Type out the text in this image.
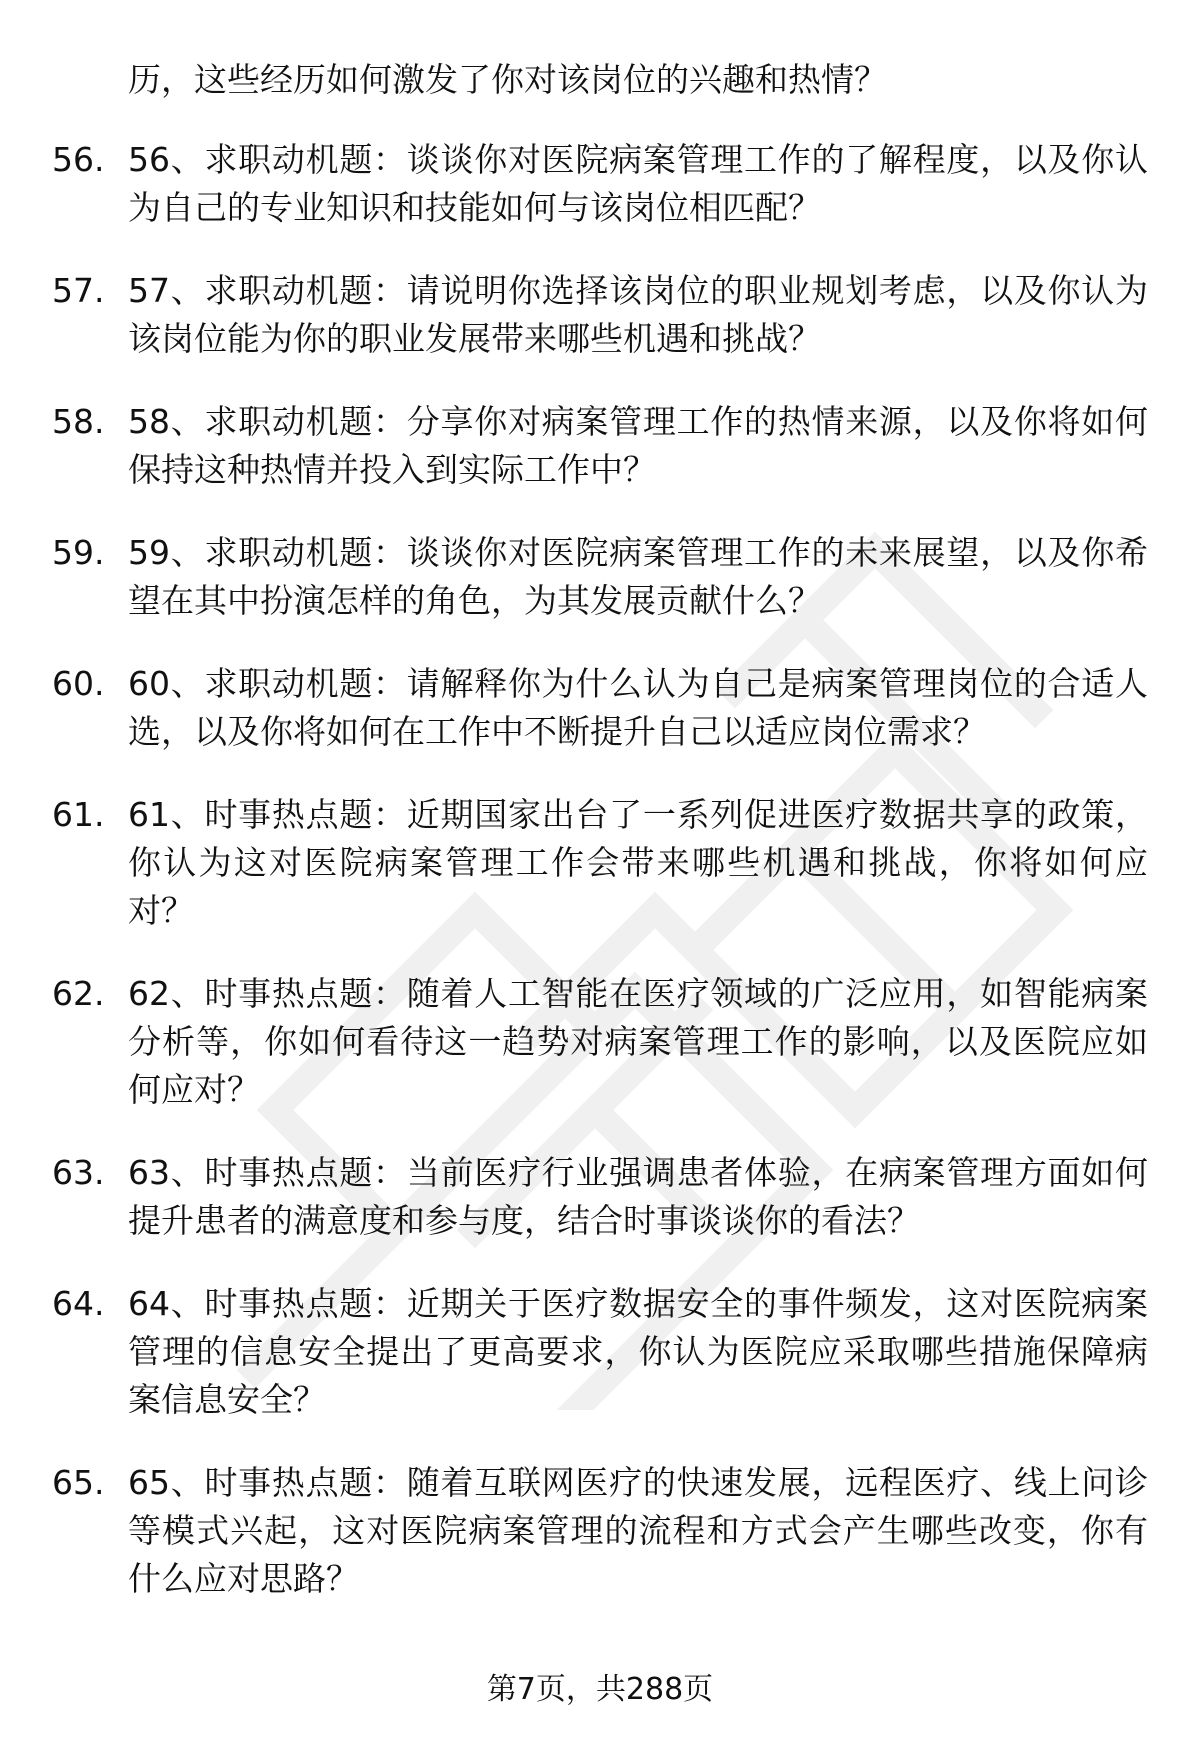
历，这些经历如何激发了你对该岗位的兴趣和热情？
56. 56、求职动机题：谈谈你对医院病案管理工作的了解程度，以及你认为自己的专业知识和技能如何与该岗位相匹配？
57. 57、求职动机题：请说明你选择该岗位的职业规划考虑，以及你认为该岗位能为你的职业发展带来哪些机遇和挑战？
58. 58、求职动机题：分享你对病案管理工作的热情来源，以及你将如何保持这种热情并投入到实际工作中？
59. 59、求职动机题：谈谈你对医院病案管理工作的未来展望，以及你希望在其中扮演怎样的角色，为其发展贡献什么？
60. 60、求职动机题：请解释你为什么认为自己是病案管理岗位的合适人选，以及你将如何在工作中不断提升自己以适应岗位需求？
61. 61、时事热点题：近期国家出台了一系列促进医疗数据共享的政策，你认为这对医院病案管理工作会带来哪些机遇和挑战，你将如何应对？
62. 62、时事热点题：随着人工智能在医疗领域的广泛应用，如智能病案分析等，你如何看待这一趋势对病案管理工作的影响，以及医院应如何应对？
63. 63、时事热点题：当前医疗行业强调患者体验，在病案管理方面如何提升患者的满意度和参与度，结合时事谈谈你的看法？
64. 64、时事热点题：近期关于医疗数据安全的事件频发，这对医院病案管理的信息安全提出了更高要求，你认为医院应采取哪些措施保障病案信息安全？
65. 65、时事热点题：随着互联网医疗的快速发展，远程医疗、线上问诊等模式兴起，这对医院病案管理的流程和方式会产生哪些改变，你有什么应对思路？
第7页，共288页
